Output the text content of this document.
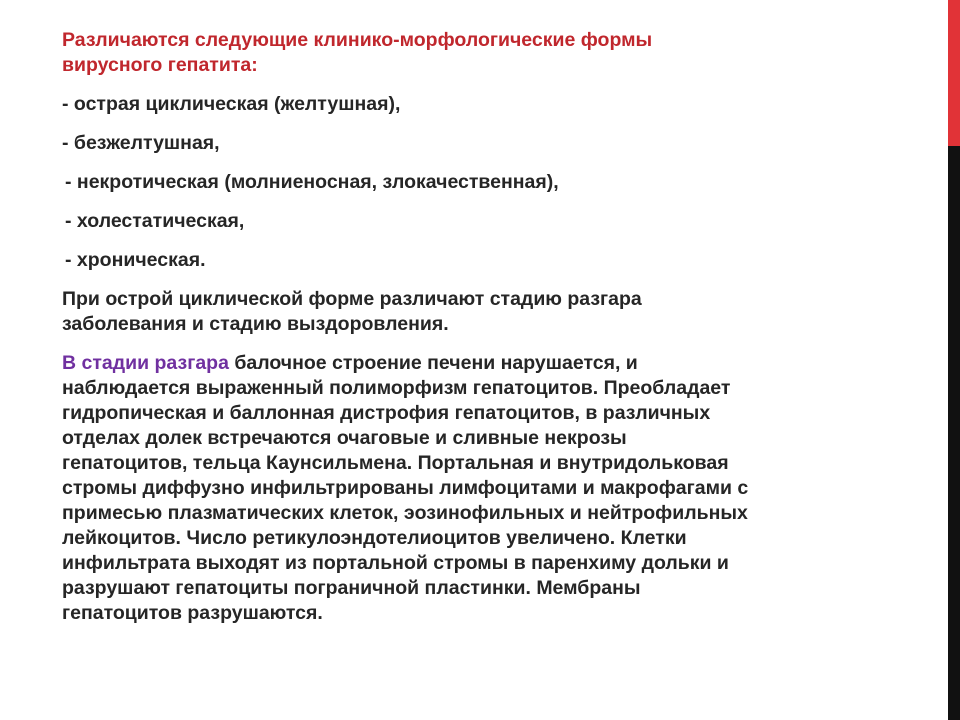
Различаются следующие клинико-морфологические формы
вирусного гепатита:

- острая циклическая (желтушная),

- безжелтушная,

- некротическая (молниеносная, злокачественная),

- холестатическая,

- хроническая.

При острой циклической форме различают стадию разгара
заболевания и стадию выздоровления.

В стадии разгара балочное строение печени нарушается, и
наблюдается выраженный полиморфизм гепатоцитов. Преобладает
гидропическая и баллонная дистрофия гепатоцитов, в различных
отделах долек встречаются очаговые и сливные некрозы
гепатоцитов, тельца Каунсильмена. Портальная и внутридольковая
стромы диффузно инфильтрированы лимфоцитами и макрофагами с
примесью плазматических клеток, эозинофильных и нейтрофильных
лейкоцитов. Число ретикулоэндотелиоцитов увеличено. Клетки
инфильтрата выходят из портальной стромы в паренхиму дольки и
разрушают гепатоциты пограничной пластинки. Мембраны
гепатоцитов разрушаются.
